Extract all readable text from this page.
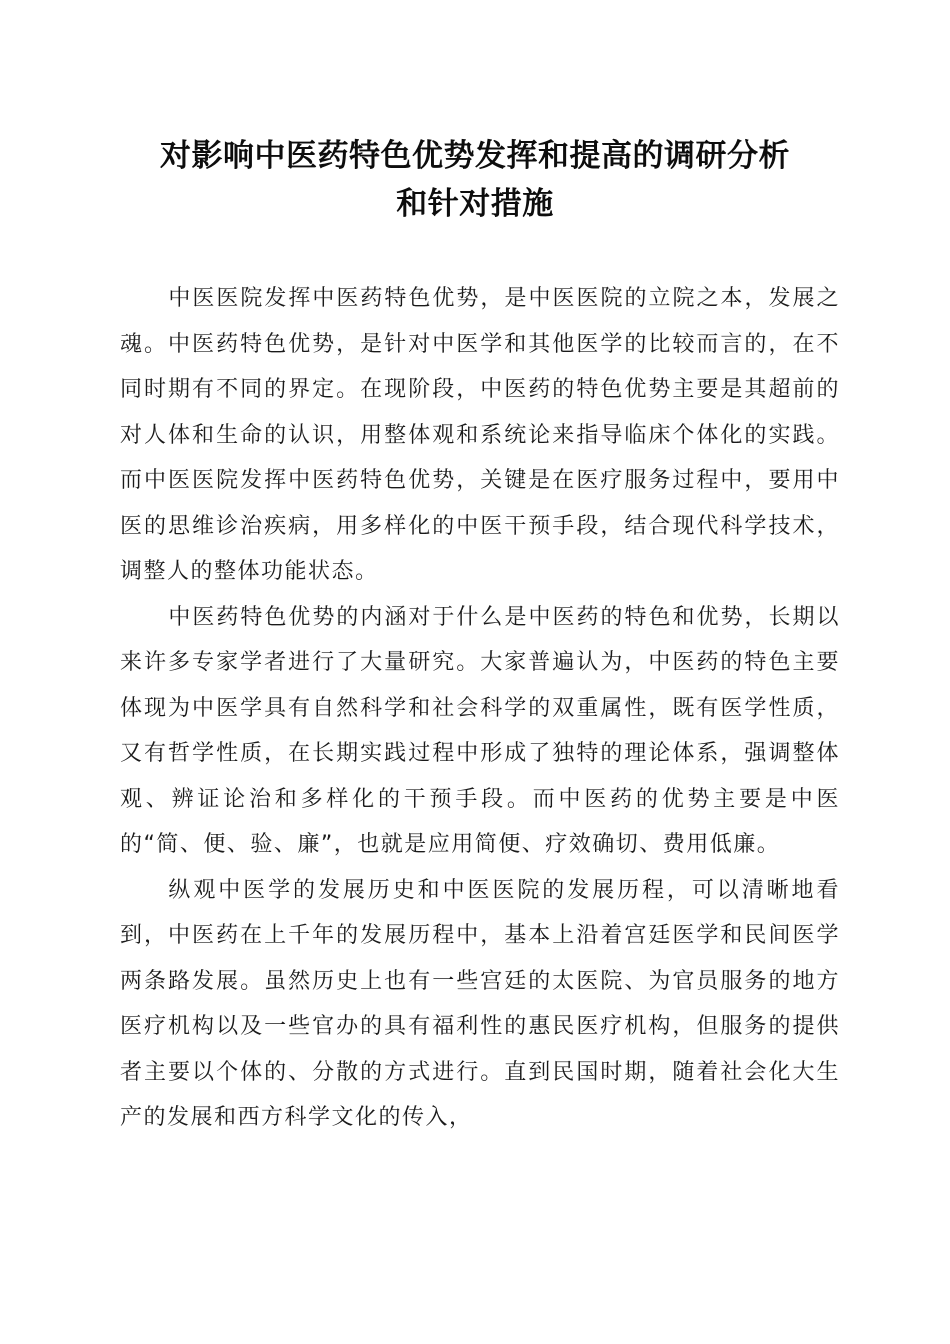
对影响中医药特色优势发挥和提高的调研分析
和针对措施

中医医院发挥中医药特色优势，是中医医院的立院之本，发展之魂。中医药特色优势，是针对中医学和其他医学的比较而言的，在不同时期有不同的界定。在现阶段，中医药的特色优势主要是其超前的对人体和生命的认识，用整体观和系统论来指导临床个体化的实践。而中医医院发挥中医药特色优势，关键是在医疗服务过程中，要用中医的思维诊治疾病，用多样化的中医干预手段，结合现代科学技术，调整人的整体功能状态。

中医药特色优势的内涵对于什么是中医药的特色和优势，长期以来许多专家学者进行了大量研究。大家普遍认为，中医药的特色主要体现为中医学具有自然科学和社会科学的双重属性，既有医学性质，又有哲学性质，在长期实践过程中形成了独特的理论体系，强调整体观、辨证论治和多样化的干预手段。而中医药的优势主要是中医的“简、便、验、廉”，也就是应用简便、疗效确切、费用低廉。

纵观中医学的发展历史和中医医院的发展历程，可以清晰地看到，中医药在上千年的发展历程中，基本上沿着宫廷医学和民间医学两条路发展。虽然历史上也有一些宫廷的太医院、为官员服务的地方医疗机构以及一些官办的具有福利性的惠民医疗机构，但服务的提供者主要以个体的、分散的方式进行。直到民国时期，随着社会化大生产的发展和西方科学文化的传入，
